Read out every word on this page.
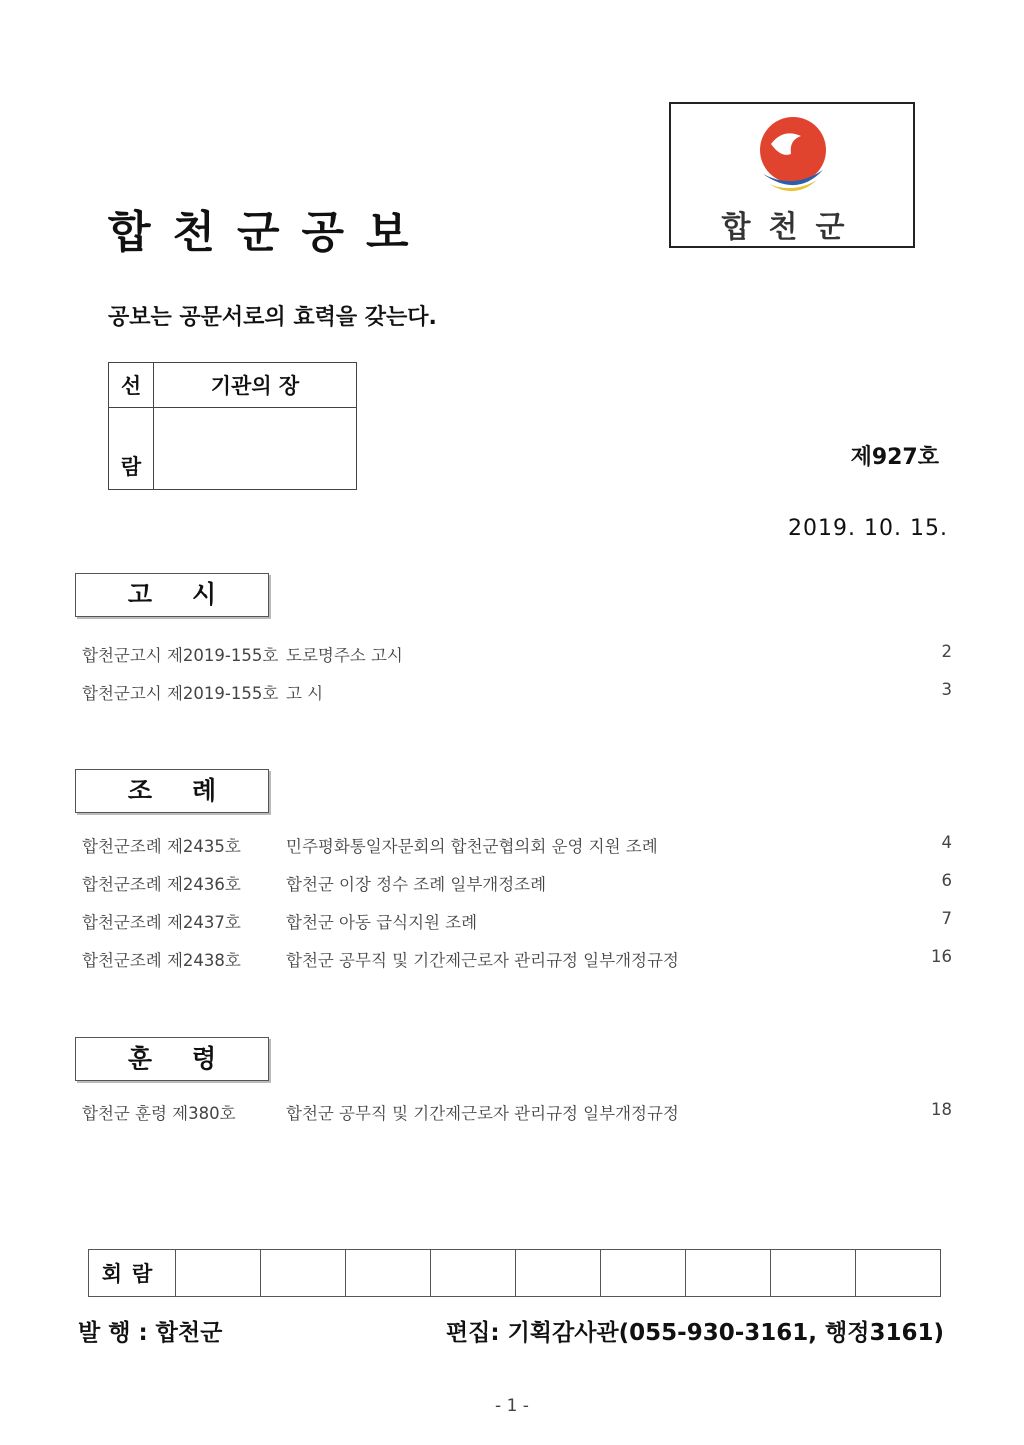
합천군공보	합천군
공보는 공문서로의 효력을 갖는다.
선	기관의 장
람		제927호
2019. 10. 15.
고시
합천군고시 제2019-155호 도로명주소 고시	2
합천군고시 제2019-155호 고 시	3
조례
합천군조례 제2435호	민주평화통일자문회의 합천군협의회 운영 지원 조례	4
합천군조례 제2436호	합천군 이장 정수 조례 일부개정조례	6
합천군조례 제2437호	합천군 아동 급식지원 조례	7
합천군조례 제2438호	합천군 공무직 및 기간제근로자 관리규정 일부개정규정	16
훈령
합천군 훈령 제380호	합천군 공무직 및 기간제근로자 관리규정 일부개정규정	18
회람									
발 행 : 합천군	편집: 기획감사관(055-930-3161, 행정3161)
- 1 -
